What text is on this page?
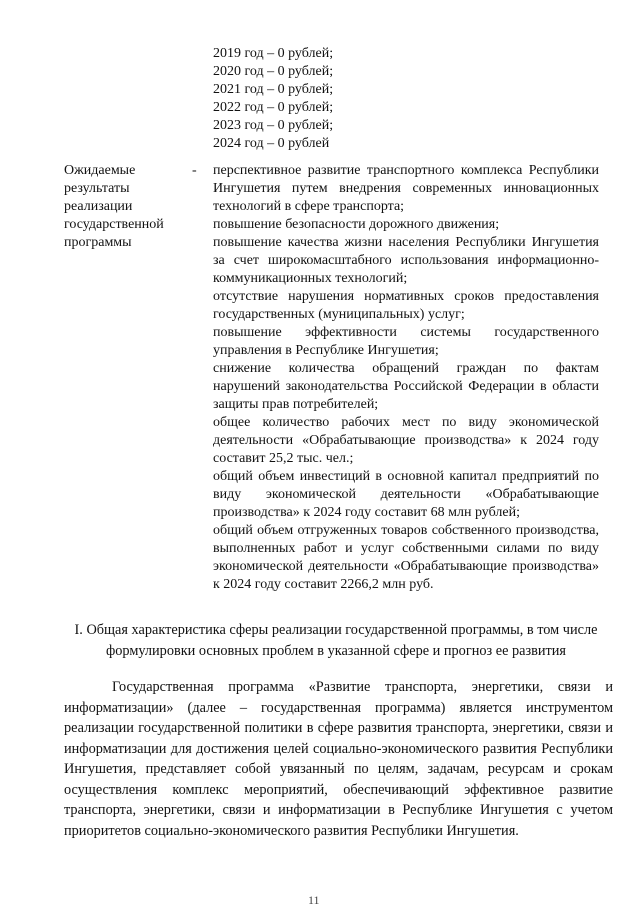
2019 год – 0 рублей;
2020 год – 0 рублей;
2021 год – 0 рублей;
2022 год – 0 рублей;
2023 год – 0 рублей;
2024 год – 0 рублей

Ожидаемые результаты реализации государственной программы

- перспективное развитие транспортного комплекса Республики Ингушетия путем внедрения современных инновационных технологий в сфере транспорта;
повышение безопасности дорожного движения;
повышение качества жизни населения Республики Ингушетия за счет широкомасштабного использования информационно-коммуникационных технологий;
отсутствие нарушения нормативных сроков предоставления государственных (муниципальных) услуг;
повышение эффективности системы государственного управления в Республике Ингушетия;
снижение количества обращений граждан по фактам нарушений законодательства Российской Федерации в области защиты прав потребителей;
общее количество рабочих мест по виду экономической деятельности «Обрабатывающие производства» к 2024 году составит 25,2 тыс. чел.;
общий объем инвестиций в основной капитал предприятий по виду экономической деятельности «Обрабатывающие производства» к 2024 году составит 68 млн рублей;
общий объем отгруженных товаров собственного производства, выполненных работ и услуг собственными силами по виду экономической деятельности «Обрабатывающие производства» к 2024 году составит 2266,2 млн руб.
I. Общая характеристика сферы реализации государственной программы, в том числе формулировки основных проблем в указанной сфере и прогноз ее развития

Государственная программа «Развитие транспорта, энергетики, связи и информатизации» (далее – государственная программа) является инструментом реализации государственной политики в сфере развития транспорта, энергетики, связи и информатизации для достижения целей социально-экономического развития Республики Ингушетия, представляет собой увязанный по целям, задачам, ресурсам и срокам осуществления комплекс мероприятий, обеспечивающий эффективное развитие транспорта, энергетики, связи и информатизации в Республике Ингушетия с учетом приоритетов социально-экономического развития Республики Ингушетия.

11
